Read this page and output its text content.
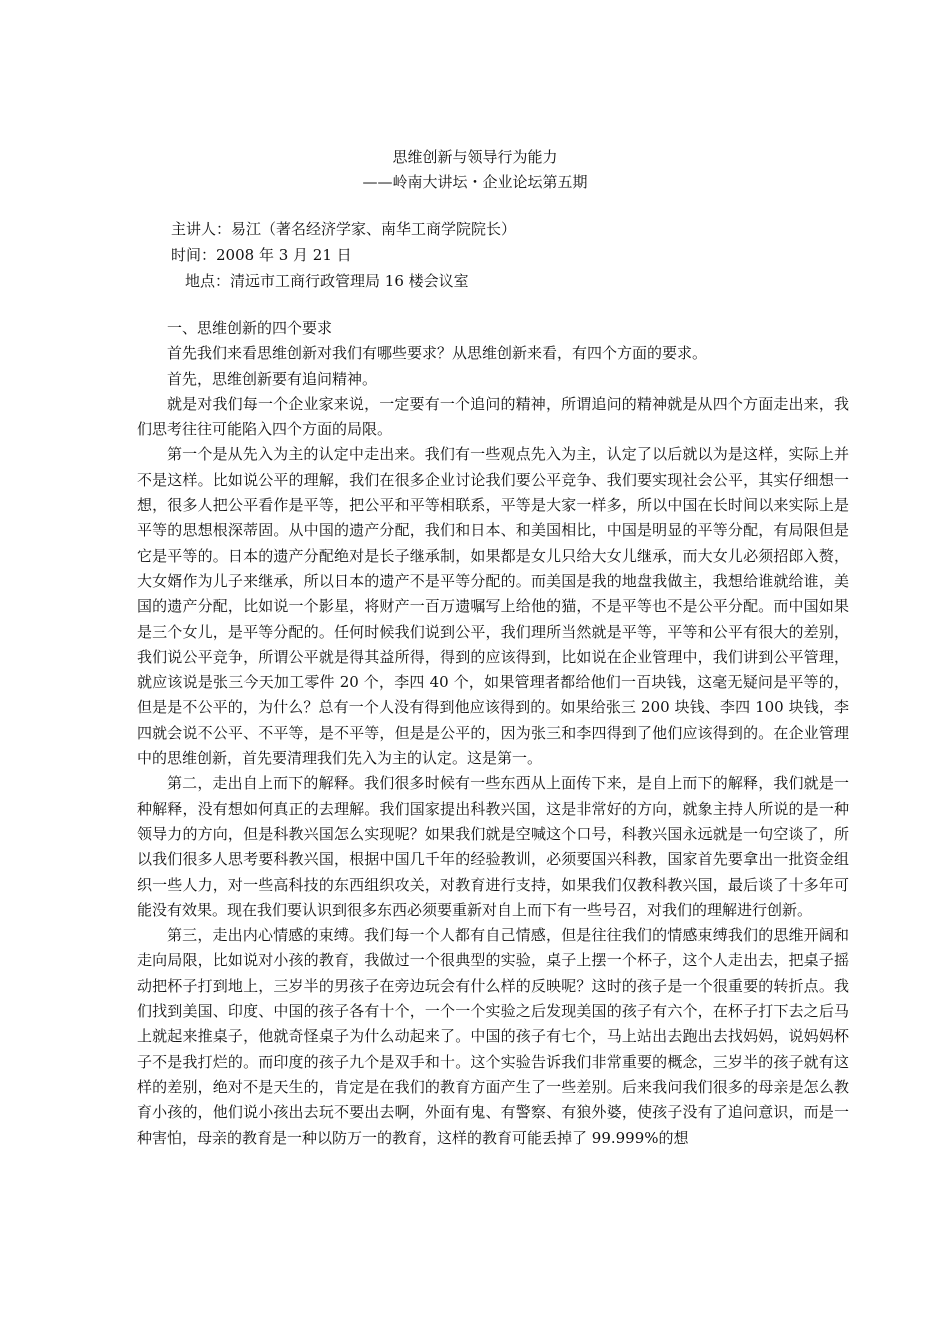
思维创新与领导行为能力
——岭南大讲坛・企业论坛第五期
主讲人：易江（著名经济学家、南华工商学院院长）
时间：2008 年 3 月 21 日
地点：清远市工商行政管理局 16 楼会议室

一、思维创新的四个要求

首先我们来看思维创新对我们有哪些要求？从思维创新来看，有四个方面的要求。

首先，思维创新要有追问精神。

就是对我们每一个企业家来说，一定要有一个追问的精神，所谓追问的精神就是从四个方面走出来，我们思考往往可能陷入四个方面的局限。

第一个是从先入为主的认定中走出来。我们有一些观点先入为主，认定了以后就以为是这样，实际上并不是这样。比如说公平的理解，我们在很多企业讨论我们要公平竞争、我们要实现社会公平，其实仔细想一想，很多人把公平看作是平等，把公平和平等相联系，平等是大家一样多，所以中国在长时间以来实际上是平等的思想根深蒂固。从中国的遗产分配，我们和日本、和美国相比，中国是明显的平等分配，有局限但是它是平等的。日本的遗产分配绝对是长子继承制，如果都是女儿只给大女儿继承，而大女儿必须招郎入赘，大女婿作为儿子来继承，所以日本的遗产不是平等分配的。而美国是我的地盘我做主，我想给谁就给谁，美国的遗产分配，比如说一个影星，将财产一百万遗嘱写上给他的猫，不是平等也不是公平分配。而中国如果是三个女儿，是平等分配的。任何时候我们说到公平，我们理所当然就是平等，平等和公平有很大的差别，我们说公平竞争，所谓公平就是得其益所得，得到的应该得到，比如说在企业管理中，我们讲到公平管理，就应该说是张三今天加工零件 20 个，李四 40 个，如果管理者都给他们一百块钱，这毫无疑问是平等的，但是是不公平的，为什么？总有一个人没有得到他应该得到的。如果给张三 200 块钱、李四 100 块钱，李四就会说不公平、不平等，是不平等，但是是公平的，因为张三和李四得到了他们应该得到的。在企业管理中的思维创新，首先要清理我们先入为主的认定。这是第一。

第二，走出自上而下的解释。我们很多时候有一些东西从上面传下来，是自上而下的解释，我们就是一种解释，没有想如何真正的去理解。我们国家提出科教兴国，这是非常好的方向，就象主持人所说的是一种领导力的方向，但是科教兴国怎么实现呢？如果我们就是空喊这个口号，科教兴国永远就是一句空谈了，所以我们很多人思考要科教兴国，根据中国几千年的经验教训，必须要国兴科教，国家首先要拿出一批资金组织一些人力，对一些高科技的东西组织攻关，对教育进行支持，如果我们仅教科教兴国，最后谈了十多年可能没有效果。现在我们要认识到很多东西必须要重新对自上而下有一些号召，对我们的理解进行创新。

第三，走出内心情感的束缚。我们每一个人都有自己情感，但是往往我们的情感束缚我们的思维开阔和走向局限，比如说对小孩的教育，我做过一个很典型的实验，桌子上摆一个杯子，这个人走出去，把桌子摇动把杯子打到地上，三岁半的男孩子在旁边玩会有什么样的反映呢？这时的孩子是一个很重要的转折点。我们找到美国、印度、中国的孩子各有十个，一个一个实验之后发现美国的孩子有六个，在杯子打下去之后马上就起来推桌子，他就奇怪桌子为什么动起来了。中国的孩子有七个，马上站出去跑出去找妈妈，说妈妈杯子不是我打烂的。而印度的孩子九个是双手和十。这个实验告诉我们非常重要的概念，三岁半的孩子就有这样的差别，绝对不是天生的，肯定是在我们的教育方面产生了一些差别。后来我问我们很多的母亲是怎么教育小孩的，他们说小孩出去玩不要出去啊，外面有鬼、有警察、有狼外婆，使孩子没有了追问意识，而是一种害怕，母亲的教育是一种以防万一的教育，这样的教育可能丢掉了 99.999%的想
